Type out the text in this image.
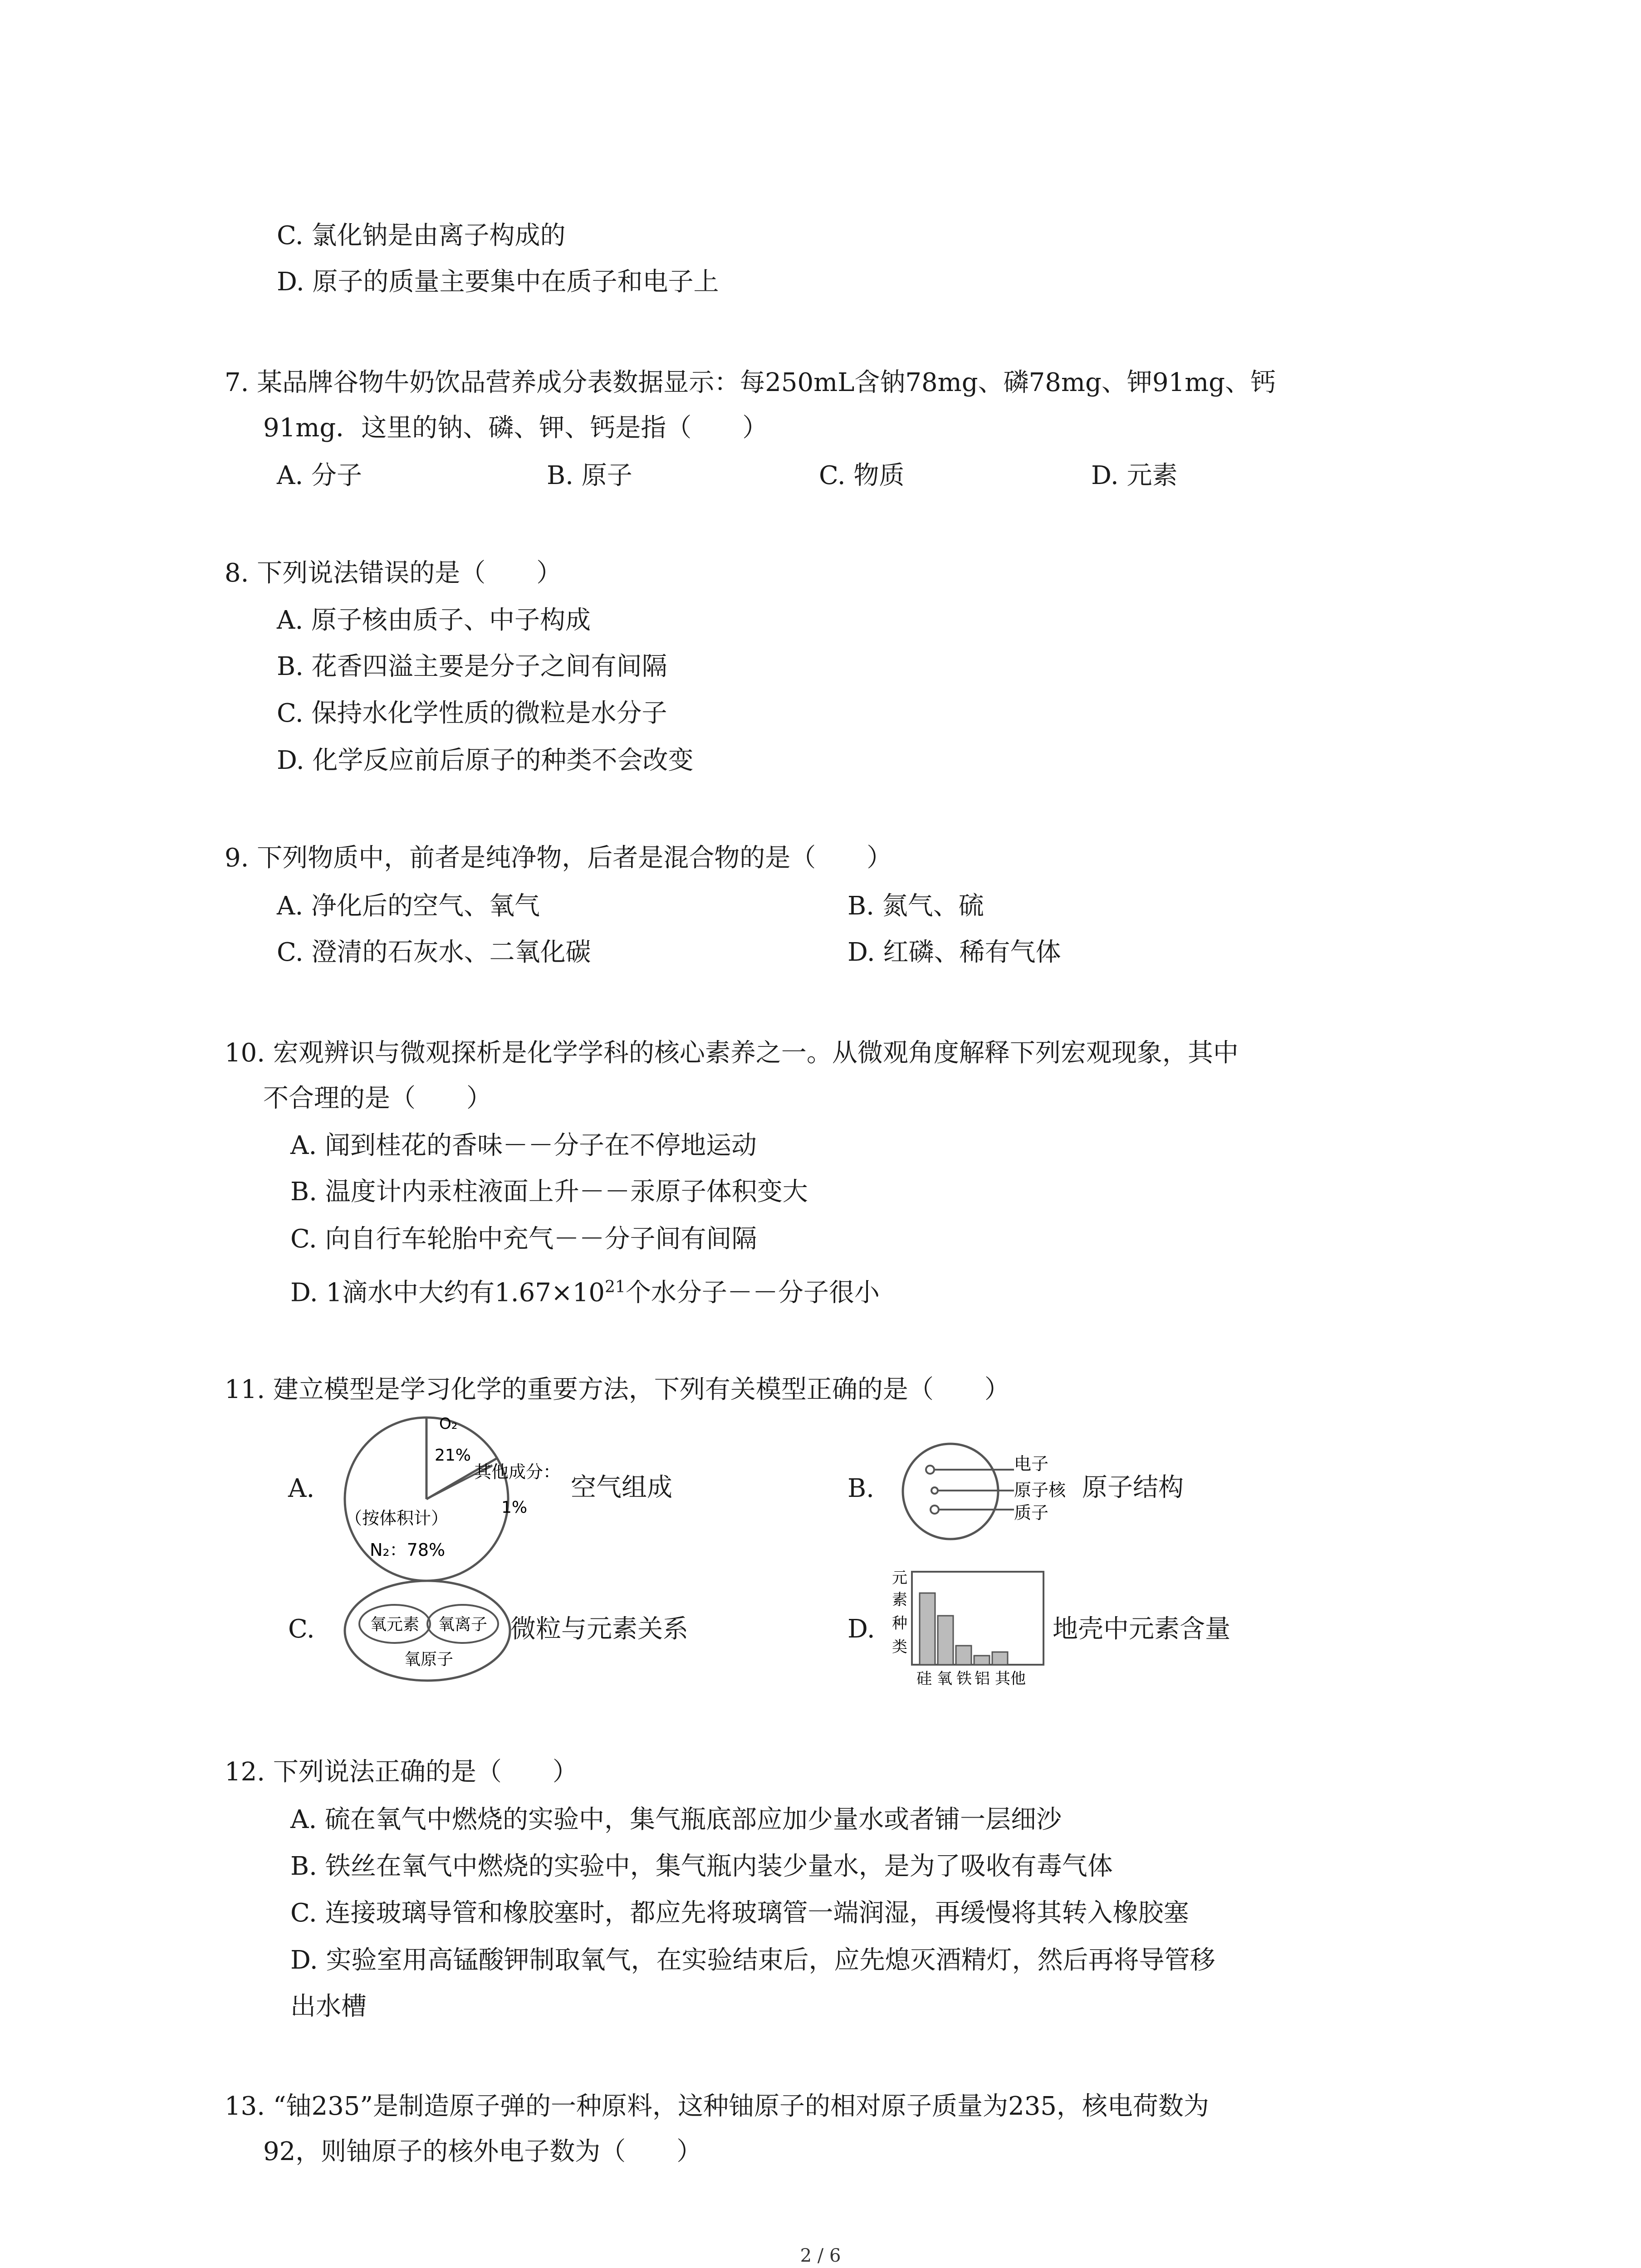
C. 氯化钠是由离子构成的
D. 原子的质量主要集中在质子和电子上
7. 某品牌谷物牛奶饮品营养成分表数据显示：每250mL含钠78mg、磷78mg、钾91mg、钙
91mg．这里的钠、磷、钾、钙是指（　　）
A. 分子	B. 原子	C. 物质	D. 元素
8. 下列说法错误的是（　　）
A. 原子核由质子、中子构成
B. 花香四溢主要是分子之间有间隔
C. 保持水化学性质的微粒是水分子
D. 化学反应前后原子的种类不会改变
9. 下列物质中，前者是纯净物，后者是混合物的是（　　）
A. 净化后的空气、氧气	B. 氮气、硫
C. 澄清的石灰水、二氧化碳	D. 红磷、稀有气体
10. 宏观辨识与微观探析是化学学科的核心素养之一。从微观角度解释下列宏观现象，其中
不合理的是（　　）
A. 闻到桂花的香味－－分子在不停地运动
B. 温度计内汞柱液面上升－－汞原子体积变大
C. 向自行车轮胎中充气－－分子间有间隔
D. 1滴水中大约有$1.67\times 10^{21}$个水分子－－分子很小
11. 建立模型是学习化学的重要方法，下列有关模型正确的是（　　）
A.
O₂
21%
其他成分：
1%
（按体积计）
N₂：78%
空气组成	B.
电子
原子核
质子
原子结构
C.	氧元素 氧离子
氧原子
微粒与元素关系	D.
元
素
种
类
硅 氧 铁 铝 其他
地壳中元素含量
12. 下列说法正确的是（　　）
A. 硫在氧气中燃烧的实验中，集气瓶底部应加少量水或者铺一层细沙
B. 铁丝在氧气中燃烧的实验中，集气瓶内装少量水，是为了吸收有毒气体
C. 连接玻璃导管和橡胶塞时，都应先将玻璃管一端润湿，再缓慢将其转入橡胶塞
D. 实验室用高锰酸钾制取氧气，在实验结束后，应先熄灭酒精灯，然后再将导管移
出水槽
13. “铀235”是制造原子弹的一种原料，这种铀原子的相对原子质量为235，核电荷数为
92，则铀原子的核外电子数为（　　）
2 / 6
